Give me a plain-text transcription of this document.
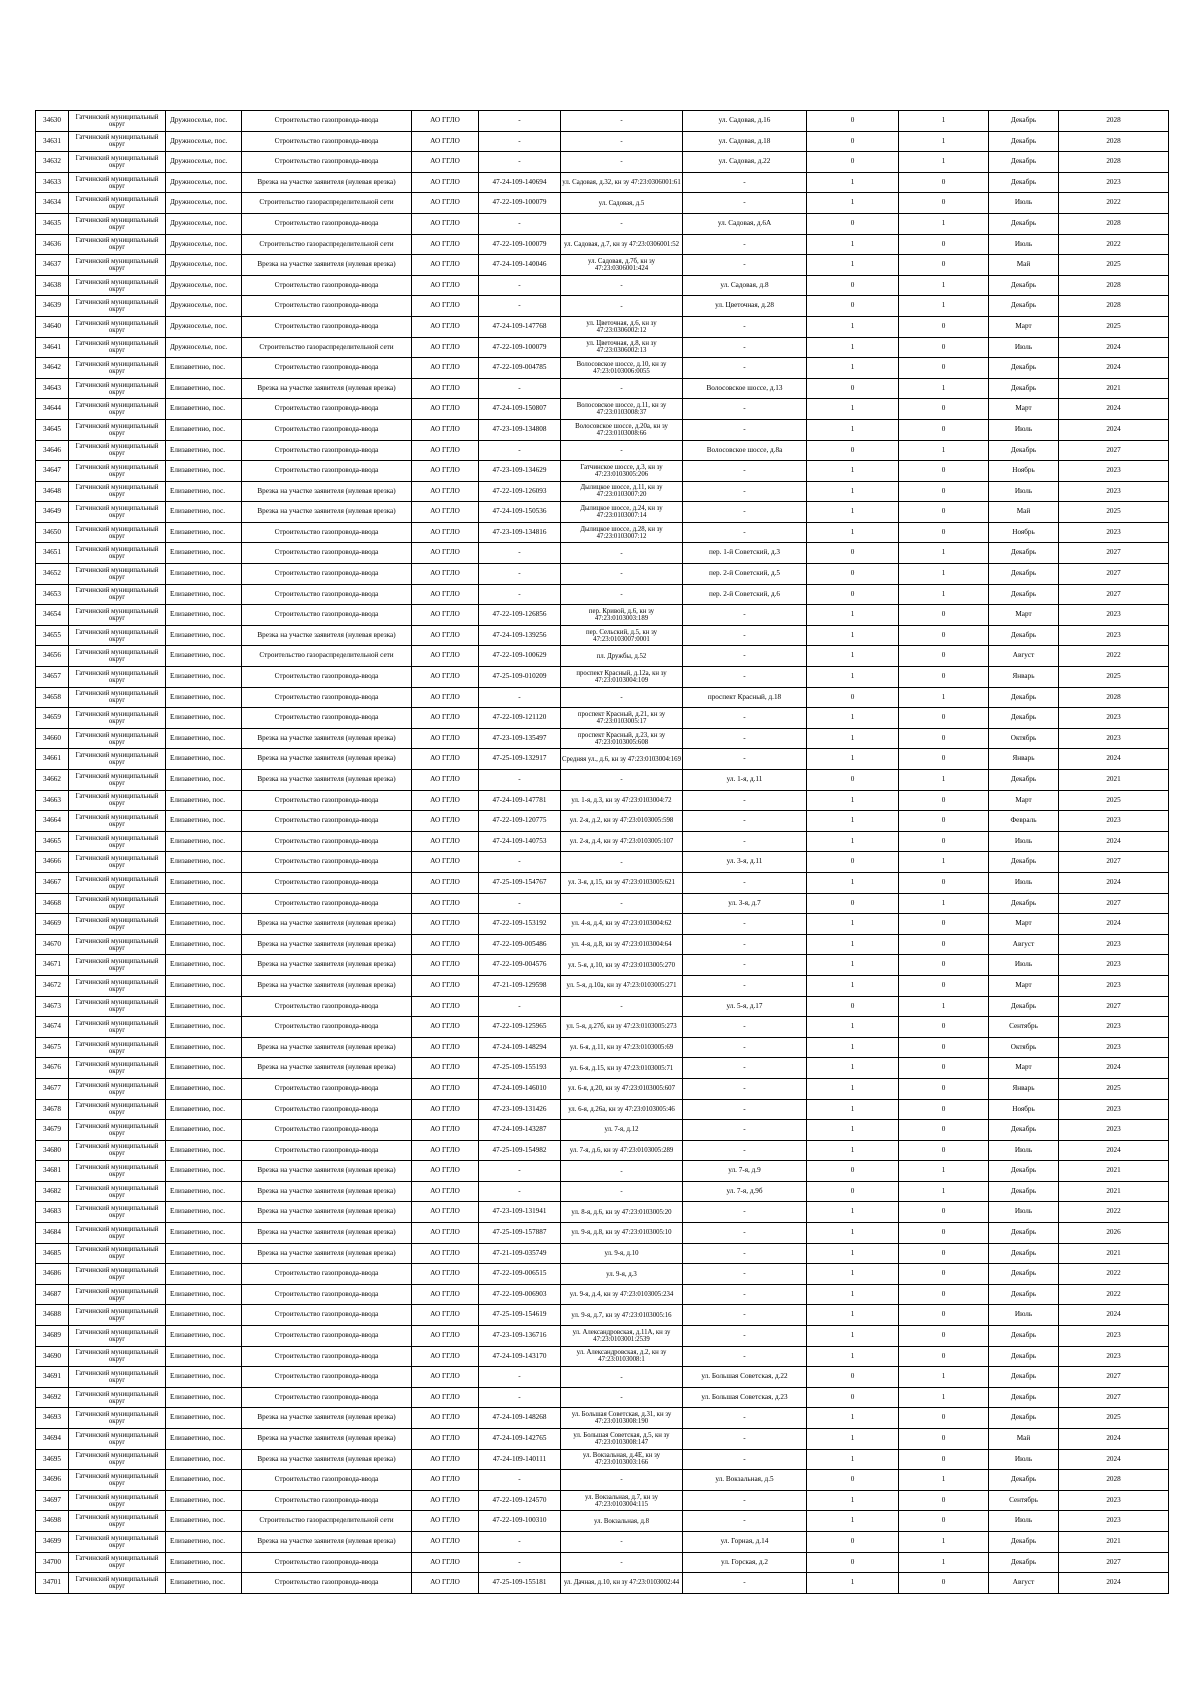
34630	Гатчинский муниципальный округ	Дружноселье, пос.	Строительство газопровода-ввода	АО ГГЛО	-	-	ул. Садовая, д.16	0	1	Декабрь	2028
34631	Гатчинский муниципальный округ	Дружноселье, пос.	Строительство газопровода-ввода	АО ГГЛО	-	-	ул. Садовая, д.18	0	1	Декабрь	2028
34632	Гатчинский муниципальный округ	Дружноселье, пос.	Строительство газопровода-ввода	АО ГГЛО	-	-	ул. Садовая, д.22	0	1	Декабрь	2028
34633	Гатчинский муниципальный округ	Дружноселье, пос.	Врезка на участке заявителя (нулевая врезка)	АО ГГЛО	47-24-109-140694	ул. Садовая, д.32, кн зу 47:23:0306001:61	-	1	0	Декабрь	2023
34634	Гатчинский муниципальный округ	Дружноселье, пос.	Строительство газораспределительной сети	АО ГГЛО	47-22-109-100079	ул. Садовая, д.5	-	1	0	Июль	2022
34635	Гатчинский муниципальный округ	Дружноселье, пос.	Строительство газопровода-ввода	АО ГГЛО	-	-	ул. Садовая, д.6А	0	1	Декабрь	2028
34636	Гатчинский муниципальный округ	Дружноселье, пос.	Строительство газораспределительной сети	АО ГГЛО	47-22-109-100079	ул. Садовая, д.7, кн зу 47:23:0306001:52	-	1	0	Июль	2022
34637	Гатчинский муниципальный округ	Дружноселье, пос.	Врезка на участке заявителя (нулевая врезка)	АО ГГЛО	47-24-109-140046	ул. Садовая, д.7б, кн зу 47:23:0306001:424	-	1	0	Май	2025
34638	Гатчинский муниципальный округ	Дружноселье, пос.	Строительство газопровода-ввода	АО ГГЛО	-	-	ул. Садовая, д.8	0	1	Декабрь	2028
34639	Гатчинский муниципальный округ	Дружноселье, пос.	Строительство газопровода-ввода	АО ГГЛО	-	-	ул. Цветочная, д.28	0	1	Декабрь	2028
34640	Гатчинский муниципальный округ	Дружноселье, пос.	Строительство газопровода-ввода	АО ГГЛО	47-24-109-147768	ул. Цветочная, д.6, кн зу 47:23:0306002:12	-	1	0	Март	2025
34641	Гатчинский муниципальный округ	Дружноселье, пос.	Строительство газораспределительной сети	АО ГГЛО	47-22-109-100079	ул. Цветочная, д.8, кн зу 47:23:0306002:13	-	1	0	Июль	2024
34642	Гатчинский муниципальный округ	Елизаветино, пос.	Строительство газопровода-ввода	АО ГГЛО	47-22-109-004785	Волосовское шоссе, д.10, кн зу 47:23:0103006:0055	-	1	0	Декабрь	2024
34643	Гатчинский муниципальный округ	Елизаветино, пос.	Врезка на участке заявителя (нулевая врезка)	АО ГГЛО	-	-	Волосовское шоссе, д.13	0	1	Декабрь	2021
34644	Гатчинский муниципальный округ	Елизаветино, пос.	Строительство газопровода-ввода	АО ГГЛО	47-24-109-150807	Волосовское шоссе, д.11, кн зу 47:23:0103008:37	-	1	0	Март	2024
34645	Гатчинский муниципальный округ	Елизаветино, пос.	Строительство газопровода-ввода	АО ГГЛО	47-23-109-134808	Волосовское шоссе, д.20а, кн зу 47:23:0103008:66	-	1	0	Июль	2024
34646	Гатчинский муниципальный округ	Елизаветино, пос.	Строительство газопровода-ввода	АО ГГЛО	-	-	Волосовское шоссе, д.8а	0	1	Декабрь	2027
34647	Гатчинский муниципальный округ	Елизаветино, пос.	Строительство газопровода-ввода	АО ГГЛО	47-23-109-134629	Гатчинское шоссе, д.3, кн зу 47:23:0103005:206	-	1	0	Ноябрь	2023
34648	Гатчинский муниципальный округ	Елизаветино, пос.	Врезка на участке заявителя (нулевая врезка)	АО ГГЛО	47-22-109-126093	Дылицкое шоссе, д.11, кн зу 47:23:0103007:20	-	1	0	Июль	2023
34649	Гатчинский муниципальный округ	Елизаветино, пос.	Врезка на участке заявителя (нулевая врезка)	АО ГГЛО	47-24-109-150536	Дылицкое шоссе, д.24, кн зу 47:23:0103007:14	-	1	0	Май	2025
34650	Гатчинский муниципальный округ	Елизаветино, пос.	Строительство газопровода-ввода	АО ГГЛО	47-23-109-134816	Дылицкое шоссе, д.28, кн зу 47:23:0103007:12	-	1	0	Ноябрь	2023
34651	Гатчинский муниципальный округ	Елизаветино, пос.	Строительство газопровода-ввода	АО ГГЛО	-	-	пер. 1-й Советский, д.3	0	1	Декабрь	2027
34652	Гатчинский муниципальный округ	Елизаветино, пос.	Строительство газопровода-ввода	АО ГГЛО	-	-	пер. 2-й Советский, д.5	0	1	Декабрь	2027
34653	Гатчинский муниципальный округ	Елизаветино, пос.	Строительство газопровода-ввода	АО ГГЛО	-	-	пер. 2-й Советский, д.6	0	1	Декабрь	2027
34654	Гатчинский муниципальный округ	Елизаветино, пос.	Строительство газопровода-ввода	АО ГГЛО	47-22-109-126856	пер. Кривой, д.6, кн зу 47:23:0103003:189	-	1	0	Март	2023
34655	Гатчинский муниципальный округ	Елизаветино, пос.	Врезка на участке заявителя (нулевая врезка)	АО ГГЛО	47-24-109-139256	пер. Сельский, д.5, кн зу 47:23:0103007:0001	-	1	0	Декабрь	2023
34656	Гатчинский муниципальный округ	Елизаветино, пос.	Строительство газораспределительной сети	АО ГГЛО	47-22-109-100629	пл. Дружбы, д.52	-	1	0	Август	2022
34657	Гатчинский муниципальный округ	Елизаветино, пос.	Строительство газопровода-ввода	АО ГГЛО	47-25-109-010209	проспект Красный, д.12а, кн зу 47:23:0103004:109	-	1	0	Январь	2025
34658	Гатчинский муниципальный округ	Елизаветино, пос.	Строительство газопровода-ввода	АО ГГЛО	-	-	проспект Красный, д.18	0	1	Декабрь	2028
34659	Гатчинский муниципальный округ	Елизаветино, пос.	Строительство газопровода-ввода	АО ГГЛО	47-22-109-121120	проспект Красный, д.21, кн зу 47:23:0103005:17	-	1	0	Декабрь	2023
34660	Гатчинский муниципальный округ	Елизаветино, пос.	Врезка на участке заявителя (нулевая врезка)	АО ГГЛО	47-23-109-135497	проспект Красный, д.23, кн зу 47:23:0103005:608	-	1	0	Октябрь	2023
34661	Гатчинский муниципальный округ	Елизаветино, пос.	Врезка на участке заявителя (нулевая врезка)	АО ГГЛО	47-25-109-132917	Средняя ул., д.6, кн зу 47:23:0103004:169	-	1	0	Январь	2024
34662	Гатчинский муниципальный округ	Елизаветино, пос.	Врезка на участке заявителя (нулевая врезка)	АО ГГЛО	-	-	ул. 1-я, д.11	0	1	Декабрь	2021
34663	Гатчинский муниципальный округ	Елизаветино, пос.	Строительство газопровода-ввода	АО ГГЛО	47-24-109-147781	ул. 1-я, д.3, кн зу 47:23:0103004:72	-	1	0	Март	2025
34664	Гатчинский муниципальный округ	Елизаветино, пос.	Строительство газопровода-ввода	АО ГГЛО	47-22-109-120775	ул. 2-я, д.2, кн зу 47:23:0103005:598	-	1	0	Февраль	2023
34665	Гатчинский муниципальный округ	Елизаветино, пос.	Строительство газопровода-ввода	АО ГГЛО	47-24-109-140753	ул. 2-я, д.4, кн зу 47:23:0103005:107	-	1	0	Июль	2024
34666	Гатчинский муниципальный округ	Елизаветино, пос.	Строительство газопровода-ввода	АО ГГЛО	-	-	ул. 3-я, д.11	0	1	Декабрь	2027
34667	Гатчинский муниципальный округ	Елизаветино, пос.	Строительство газопровода-ввода	АО ГГЛО	47-25-109-154767	ул. 3-я, д.15, кн зу 47:23:0103005:621	-	1	0	Июль	2024
34668	Гатчинский муниципальный округ	Елизаветино, пос.	Строительство газопровода-ввода	АО ГГЛО	-	-	ул. 3-я, д.7	0	1	Декабрь	2027
34669	Гатчинский муниципальный округ	Елизаветино, пос.	Врезка на участке заявителя (нулевая врезка)	АО ГГЛО	47-22-109-153192	ул. 4-я, д.4, кн зу 47:23:0103004:62	-	1	0	Март	2024
34670	Гатчинский муниципальный округ	Елизаветино, пос.	Врезка на участке заявителя (нулевая врезка)	АО ГГЛО	47-22-109-005486	ул. 4-я, д.8, кн зу 47:23:0103004:64	-	1	0	Август	2023
34671	Гатчинский муниципальный округ	Елизаветино, пос.	Врезка на участке заявителя (нулевая врезка)	АО ГГЛО	47-22-109-004576	ул. 5-я, д.10, кн зу 47:23:0103005:270	-	1	0	Июль	2023
34672	Гатчинский муниципальный округ	Елизаветино, пос.	Врезка на участке заявителя (нулевая врезка)	АО ГГЛО	47-21-109-129598	ул. 5-я, д.10а, кн зу 47:23:0103005:271	-	1	0	Март	2023
34673	Гатчинский муниципальный округ	Елизаветино, пос.	Строительство газопровода-ввода	АО ГГЛО	-	-	ул. 5-я, д.17	0	1	Декабрь	2027
34674	Гатчинский муниципальный округ	Елизаветино, пос.	Строительство газопровода-ввода	АО ГГЛО	47-22-109-125965	ул. 5-я, д.27б, кн зу 47:23:0103005:273	-	1	0	Сентябрь	2023
34675	Гатчинский муниципальный округ	Елизаветино, пос.	Врезка на участке заявителя (нулевая врезка)	АО ГГЛО	47-24-109-148294	ул. 6-я, д.11, кн зу 47:23:0103005:69	-	1	0	Октябрь	2023
34676	Гатчинский муниципальный округ	Елизаветино, пос.	Врезка на участке заявителя (нулевая врезка)	АО ГГЛО	47-25-109-155193	ул. 6-я, д.15, кн зу 47:23:0103005:71	-	1	0	Март	2024
34677	Гатчинский муниципальный округ	Елизаветино, пос.	Строительство газопровода-ввода	АО ГГЛО	47-24-109-146010	ул. 6-я, д.20, кн зу 47:23:0103005:607	-	1	0	Январь	2025
34678	Гатчинский муниципальный округ	Елизаветино, пос.	Строительство газопровода-ввода	АО ГГЛО	47-23-109-131426	ул. 6-я, д.26а, кн зу 47:23:0103005:46	-	1	0	Ноябрь	2023
34679	Гатчинский муниципальный округ	Елизаветино, пос.	Строительство газопровода-ввода	АО ГГЛО	47-24-109-143287	ул. 7-я, д.12	-	1	0	Декабрь	2023
34680	Гатчинский муниципальный округ	Елизаветино, пос.	Строительство газопровода-ввода	АО ГГЛО	47-25-109-154982	ул. 7-я, д.6, кн зу 47:23:0103005:289	-	1	0	Июль	2024
34681	Гатчинский муниципальный округ	Елизаветино, пос.	Врезка на участке заявителя (нулевая врезка)	АО ГГЛО	-	-	ул. 7-я, д.9	0	1	Декабрь	2021
34682	Гатчинский муниципальный округ	Елизаветино, пос.	Врезка на участке заявителя (нулевая врезка)	АО ГГЛО	-	-	ул. 7-я, д.9б	0	1	Декабрь	2021
34683	Гатчинский муниципальный округ	Елизаветино, пос.	Врезка на участке заявителя (нулевая врезка)	АО ГГЛО	47-23-109-131941	ул. 8-я, д.6, кн зу 47:23:0103005:20	-	1	0	Июль	2022
34684	Гатчинский муниципальный округ	Елизаветино, пос.	Врезка на участке заявителя (нулевая врезка)	АО ГГЛО	47-25-109-157887	ул. 9-я, д.8, кн зу 47:23:0103005:10	-	1	0	Декабрь	2026
34685	Гатчинский муниципальный округ	Елизаветино, пос.	Врезка на участке заявителя (нулевая врезка)	АО ГГЛО	47-21-109-035749	ул. 9-я, д.10	-	1	0	Декабрь	2021
34686	Гатчинский муниципальный округ	Елизаветино, пос.	Строительство газопровода-ввода	АО ГГЛО	47-22-109-006515	ул. 9-я, д.3	-	1	0	Декабрь	2022
34687	Гатчинский муниципальный округ	Елизаветино, пос.	Строительство газопровода-ввода	АО ГГЛО	47-22-109-006903	ул. 9-я, д.4, кн зу 47:23:0103005:234	-	1	0	Декабрь	2022
34688	Гатчинский муниципальный округ	Елизаветино, пос.	Строительство газопровода-ввода	АО ГГЛО	47-25-109-154619	ул. 9-я, д.7, кн зу 47:23:0103005:16	-	1	0	Июль	2024
34689	Гатчинский муниципальный округ	Елизаветино, пос.	Строительство газопровода-ввода	АО ГГЛО	47-23-109-136716	ул. Александровская, д.11А, кн зу 47:23:0103001:2539	-	1	0	Декабрь	2023
34690	Гатчинский муниципальный округ	Елизаветино, пос.	Строительство газопровода-ввода	АО ГГЛО	47-24-109-143170	ул. Александровская, д.2, кн зу 47:23:0103008:1	-	1	0	Декабрь	2023
34691	Гатчинский муниципальный округ	Елизаветино, пос.	Строительство газопровода-ввода	АО ГГЛО	-	-	ул. Большая Советская, д.22	0	1	Декабрь	2027
34692	Гатчинский муниципальный округ	Елизаветино, пос.	Строительство газопровода-ввода	АО ГГЛО	-	-	ул. Большая Советская, д.23	0	1	Декабрь	2027
34693	Гатчинский муниципальный округ	Елизаветино, пос.	Врезка на участке заявителя (нулевая врезка)	АО ГГЛО	47-24-109-148268	ул. Большая Советская, д.31, кн зу 47:23:0103008:190	-	1	0	Декабрь	2025
34694	Гатчинский муниципальный округ	Елизаветино, пос.	Врезка на участке заявителя (нулевая врезка)	АО ГГЛО	47-24-109-142765	ул. Большая Советская, д.5, кн зу 47:23:0103008:147	-	1	0	Май	2024
34695	Гатчинский муниципальный округ	Елизаветино, пос.	Врезка на участке заявителя (нулевая врезка)	АО ГГЛО	47-24-109-140111	ул. Вокзальная, д.4Е, кн зу 47:23:0103003:166	-	1	0	Июль	2024
34696	Гатчинский муниципальный округ	Елизаветино, пос.	Строительство газопровода-ввода	АО ГГЛО	-	-	ул. Вокзальная, д.5	0	1	Декабрь	2028
34697	Гатчинский муниципальный округ	Елизаветино, пос.	Строительство газопровода-ввода	АО ГГЛО	47-22-109-124570	ул. Вокзальная, д.7, кн зу 47:23:0103004:115	-	1	0	Сентябрь	2023
34698	Гатчинский муниципальный округ	Елизаветино, пос.	Строительство газораспределительной сети	АО ГГЛО	47-22-109-100310	ул. Вокзальная, д.8	-	1	0	Июль	2023
34699	Гатчинский муниципальный округ	Елизаветино, пос.	Врезка на участке заявителя (нулевая врезка)	АО ГГЛО	-	-	ул. Горная, д.14	0	1	Декабрь	2021
34700	Гатчинский муниципальный округ	Елизаветино, пос.	Строительство газопровода-ввода	АО ГГЛО	-	-	ул. Горская, д.2	0	1	Декабрь	2027
34701	Гатчинский муниципальный округ	Елизаветино, пос.	Строительство газопровода-ввода	АО ГГЛО	47-25-109-155181	ул. Дачная, д.10, кн зу 47:23:0103002:44	-	1	0	Август	2024
